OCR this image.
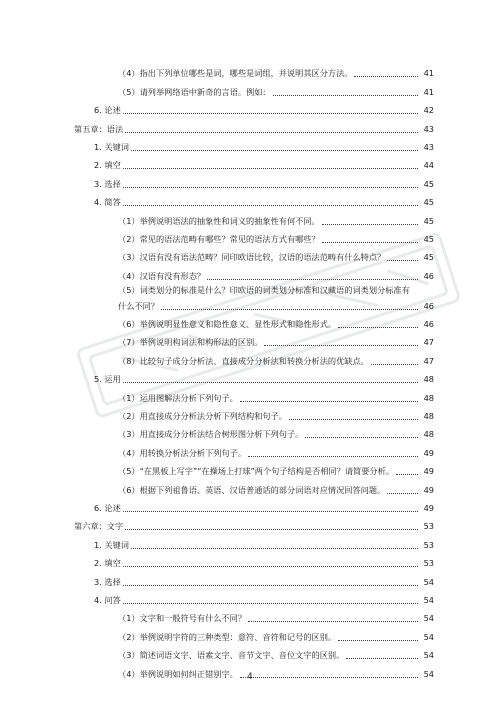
（4）指出下列单位哪些是词，哪些是词组，并说明其区分方法。	41
（5）请列举网络语中新奇的言语。例如：	41
6. 论述	42
第五章：语法	43
1. 关键词	43
2. 填空	44
3. 选择	45
4. 简答	45
（1）举例说明语法的抽象性和词义的抽象性有何不同。	45
（2）常见的语法范畴有哪些？常见的语法方式有哪些？	45
（3）汉语有没有语法范畴？同印欧语比较，汉语的语法范畴有什么特点？	45
（4）汉语有没有形态？	46
（5）词类划分的标准是什么？印欧语的词类划分标准和汉藏语的词类划分标准有
什么不同？	46
（6）举例说明显性意义和隐性意义、显性形式和隐性形式。	46
（7）举例说明构词法和构形法的区别。	47
（8）比较句子成分分析法、直接成分分析法和转换分析法的优缺点。	47
5. 运用	48
（1）运用图解法分析下列句子。	48
（2）用直接成分分析法分析下列结构和句子。	48
（3）用直接成分分析法结合树形图分析下列句子。	48
（4）用转换分析法分析下列句子。	49
（5）“在黑板上写字”“在操场上打球”两个句子结构是否相同？请简要分析。	49
（6）根据下列祖鲁语、英语、汉语普通话的部分词语对应情况回答问题。	49
6. 论述	49
第六章：文字	53
1. 关键词	53
2. 填空	53
3. 选择	54
4. 问答	54
（1）文字和一般符号有什么不同？	54
（2）举例说明字符的三种类型：意符、音符和记号的区别。	54
（3）简述词语文字、语素文字、音节文字、音位文字的区别。	54
（4）举例说明如何纠正错别字。	54
4
